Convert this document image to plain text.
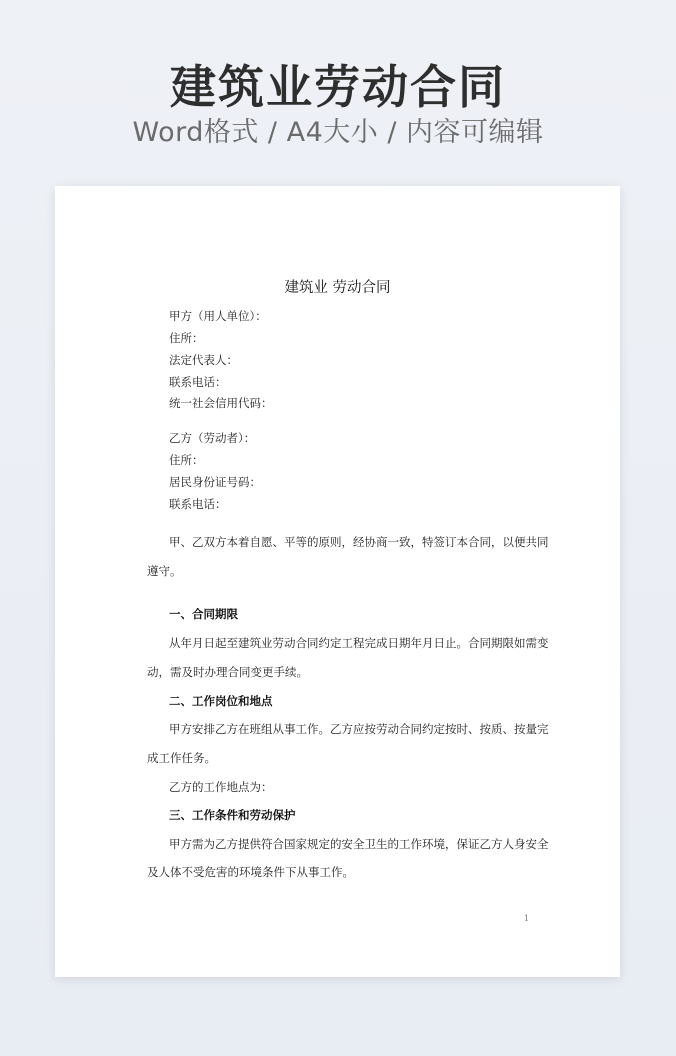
建筑业劳动合同
Word格式 / A4大小 / 内容可编辑
建筑业 劳动合同
甲方（用人单位）：
住所：
法定代表人：
联系电话：
统一社会信用代码：
乙方（劳动者）：
住所：
居民身份证号码：
联系电话：
甲、乙双方本着自愿、平等的原则，经协商一致，特签订本合同，以便共同
遵守。
一、合同期限
从年月日起至建筑业劳动合同约定工程完成日期年月日止。合同期限如需变
动，需及时办理合同变更手续。
二、工作岗位和地点
甲方安排乙方在班组从事工作。乙方应按劳动合同约定按时、按质、按量完
成工作任务。
乙方的工作地点为：
三、工作条件和劳动保护
甲方需为乙方提供符合国家规定的安全卫生的工作环境，保证乙方人身安全
及人体不受危害的环境条件下从事工作。
1
